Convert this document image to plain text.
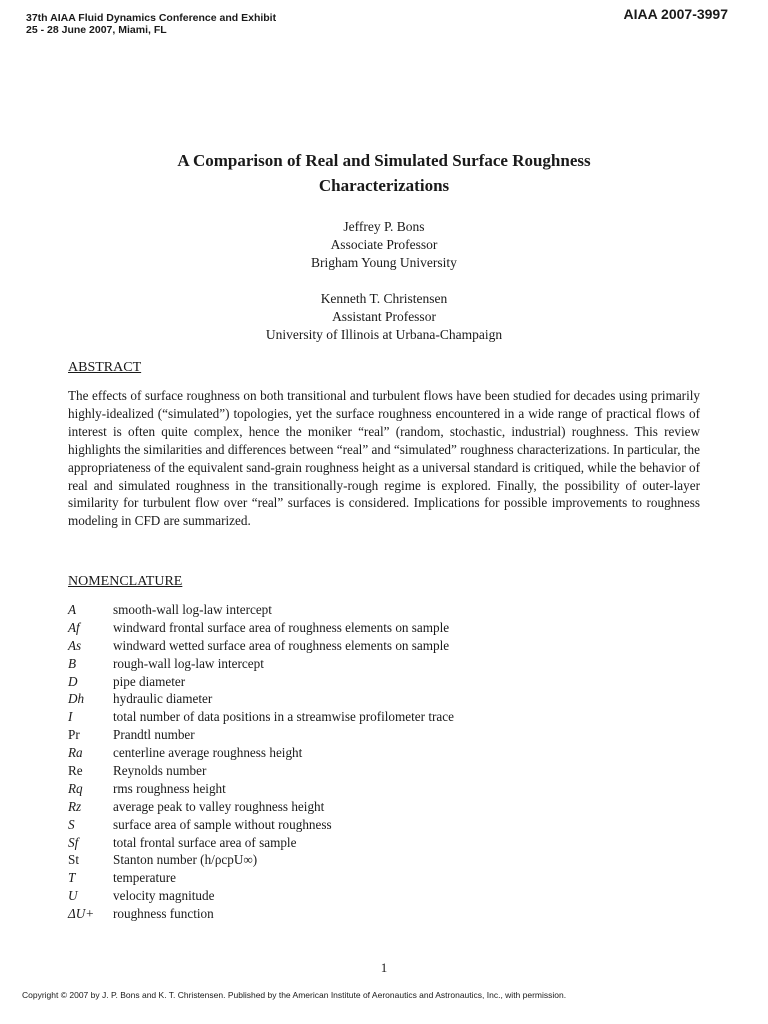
37th AIAA Fluid Dynamics Conference and Exhibit
25 - 28 June 2007, Miami, FL
AIAA 2007-3997
A Comparison of Real and Simulated Surface Roughness
Characterizations
Jeffrey P. Bons
Associate Professor
Brigham Young University
Kenneth T. Christensen
Assistant Professor
University of Illinois at Urbana-Champaign
ABSTRACT

The effects of surface roughness on both transitional and turbulent flows have been studied for decades using primarily highly-idealized (“simulated”) topologies, yet the surface roughness encountered in a wide range of practical flows of interest is often quite complex, hence the moniker “real” (random, stochastic, industrial) roughness. This review highlights the similarities and differences between “real” and “simulated” roughness characterizations. In particular, the appropriateness of the equivalent sand-grain roughness height as a universal standard is critiqued, while the behavior of real and simulated roughness in the transitionally-rough regime is explored. Finally, the possibility of outer-layer similarity for turbulent flow over “real” surfaces is considered. Implications for possible improvements to roughness modeling in CFD are summarized.

NOMENCLATURE
A	smooth-wall log-law intercept
Af	windward frontal surface area of roughness elements on sample
As windward wetted surface area of roughness elements on sample
B	rough-wall log-law intercept
D	pipe diameter
Dh hydraulic diameter
I	total number of data positions in a streamwise profilometer trace
Pr	Prandtl number
Ra centerline average roughness height
Re Reynolds number
Rq rms roughness height
Rz average peak to valley roughness height
S	surface area of sample without roughness
Sf	total frontal surface area of sample
St	Stanton number (h/ρcpU∞)
T	temperature
U	velocity magnitude
ΔU+ roughness function
1
Copyright © 2007 by J. P. Bons and K. T. Christensen. Published by the American Institute of Aeronautics and Astronautics, Inc., with permission.
